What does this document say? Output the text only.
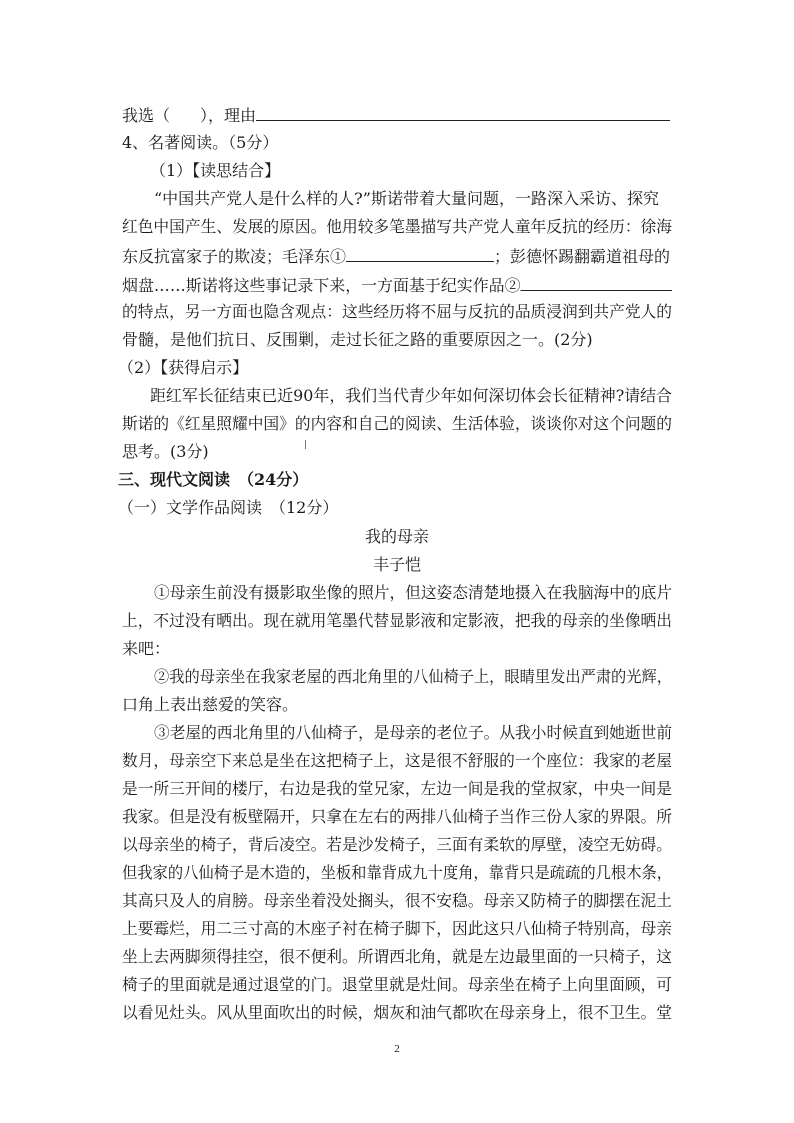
我选（ ），理由
4、名著阅读。（5分）
（1）【读思结合】
“中国共产党人是什么样的人?”斯诺带着大量问题，一路深入采访、探究
红色中国产生、发展的原因。他用较多笔墨描写共产党人童年反抗的经历：徐海
东反抗富家子的欺凌；毛泽东①	；彭德怀踢翻霸道祖母的
烟盘……斯诺将这些事记录下来，一方面基于纪实作品②
的特点，另一方面也隐含观点：这些经历将不屈与反抗的品质浸润到共产党人的
骨髓，是他们抗日、反围剿，走过长征之路的重要原因之一。(2分)
（2）【获得启示】
距红军长征结束已近90年，我们当代青少年如何深切体会长征精神?请结合
斯诺的《红星照耀中国》的内容和自己的阅读、生活体验，谈谈你对这个问题的
思考。(3分)
三、现代文阅读　（24分）
（一）文学作品阅读　（12分）
我的母亲
丰子恺
①母亲生前没有摄影取坐像的照片，但这姿态清楚地摄入在我脑海中的底片
上，不过没有晒出。现在就用笔墨代替显影液和定影液，把我的母亲的坐像晒出
来吧：
②我的母亲坐在我家老屋的西北角里的八仙椅子上，眼睛里发出严肃的光辉，
口角上表出慈爱的笑容。
③老屋的西北角里的八仙椅子，是母亲的老位子。从我小时候直到她逝世前
数月，母亲空下来总是坐在这把椅子上，这是很不舒服的一个座位：我家的老屋
是一所三开间的楼厅，右边是我的堂兄家，左边一间是我的堂叔家，中央一间是
我家。但是没有板壁隔开，只拿在左右的两排八仙椅子当作三份人家的界限。所
以母亲坐的椅子，背后凌空。若是沙发椅子，三面有柔软的厚壁，凌空无妨碍。
但我家的八仙椅子是木造的，坐板和靠背成九十度角，靠背只是疏疏的几根木条，
其高只及人的肩膀。母亲坐着没处搁头，很不安稳。母亲又防椅子的脚摆在泥土
上要霉烂，用二三寸高的木座子衬在椅子脚下，因此这只八仙椅子特别高，母亲
坐上去两脚须得挂空，很不便利。所谓西北角，就是左边最里面的一只椅子，这
椅子的里面就是通过退堂的门。退堂里就是灶间。母亲坐在椅子上向里面顾，可
以看见灶头。风从里面吹出的时候，烟灰和油气都吹在母亲身上，很不卫生。堂
2
